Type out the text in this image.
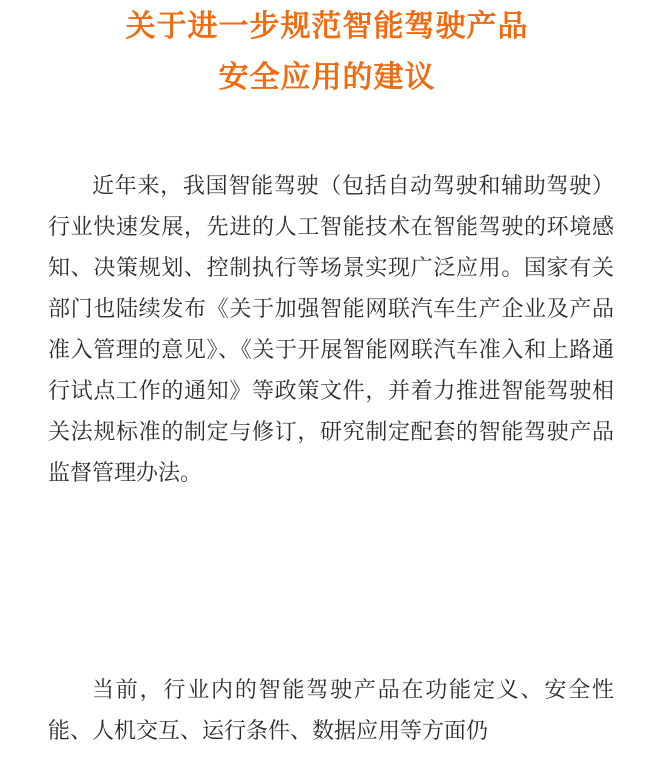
关于进一步规范智能驾驶产品
安全应用的建议

近年来，我国智能驾驶（包括自动驾驶和辅助驾驶）行业快速发展，先进的人工智能技术在智能驾驶的环境感知、决策规划、控制执行等场景实现广泛应用。国家有关部门也陆续发布《关于加强智能网联汽车生产企业及产品准入管理的意见》、《关于开展智能网联汽车准入和上路通行试点工作的通知》等政策文件，并着力推进智能驾驶相关法规标准的制定与修订，研究制定配套的智能驾驶产品监督管理办法。

当前，行业内的智能驾驶产品在功能定义、安全性能、人机交互、运行条件、数据应用等方面仍
